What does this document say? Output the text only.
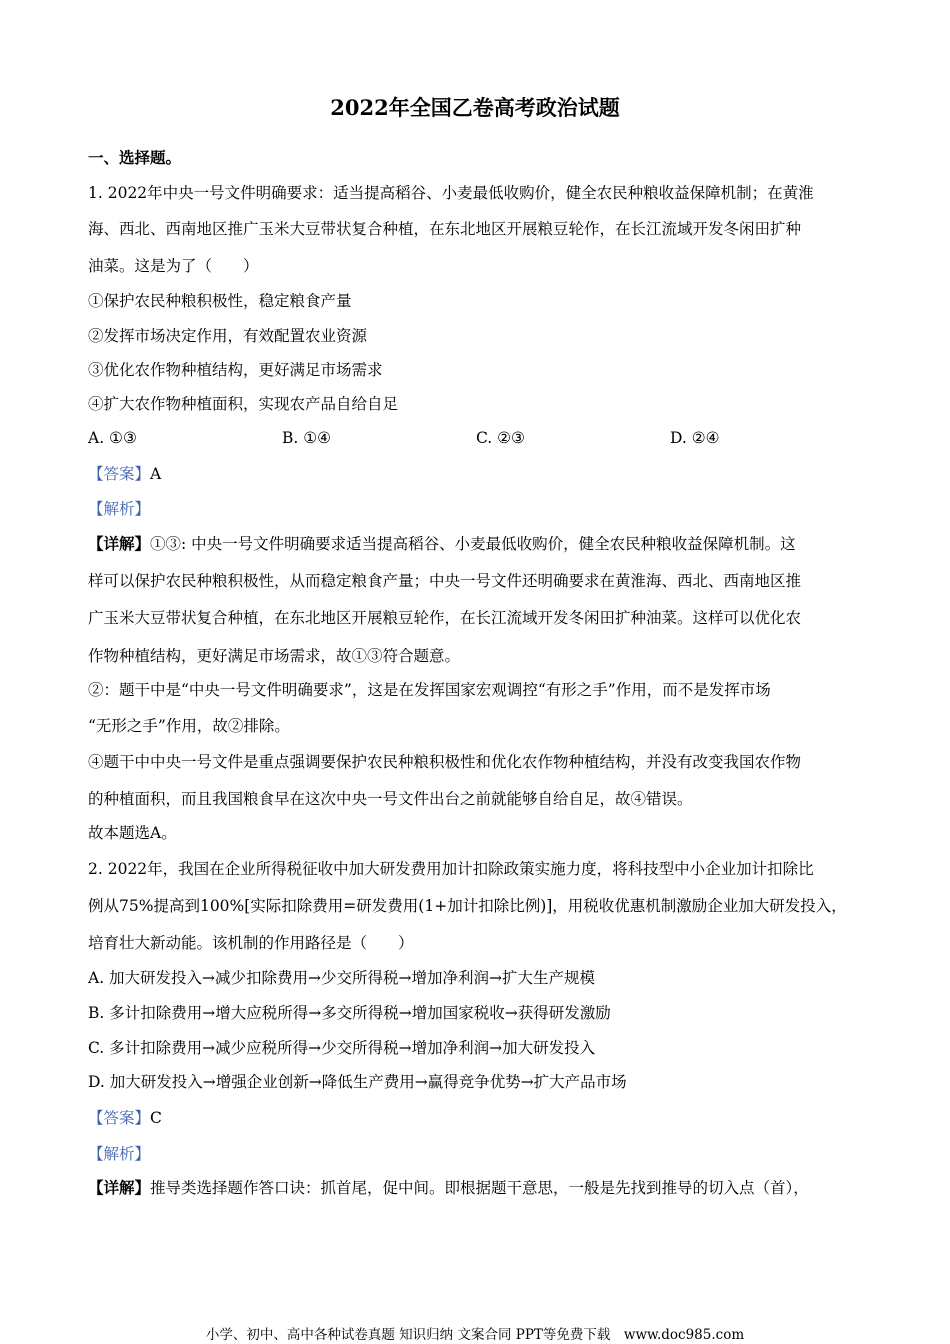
2022年全国乙卷高考政治试题
一、选择题。
1. 2022年中央一号文件明确要求：适当提高稻谷、小麦最低收购价，健全农民种粮收益保障机制；在黄淮
海、西北、西南地区推广玉米大豆带状复合种植，在东北地区开展粮豆轮作，在长江流域开发冬闲田扩种
油菜。这是为了（　　）
①保护农民种粮积极性，稳定粮食产量
②发挥市场决定作用，有效配置农业资源
③优化农作物种植结构，更好满足市场需求
④扩大农作物种植面积，实现农产品自给自足
A. ①③	B. ①④	C. ②③	D. ②④
【答案】A
【解析】
【详解】①③: 中央一号文件明确要求适当提高稻谷、小麦最低收购价，健全农民种粮收益保障机制。这
样可以保护农民种粮积极性，从而稳定粮食产量；中央一号文件还明确要求在黄淮海、西北、西南地区推
广玉米大豆带状复合种植，在东北地区开展粮豆轮作，在长江流域开发冬闲田扩种油菜。这样可以优化农
作物种植结构，更好满足市场需求，故①③符合题意。
②：题干中是“中央一号文件明确要求”，这是在发挥国家宏观调控“有形之手”作用，而不是发挥市场
“无形之手”作用，故②排除。
④题干中中央一号文件是重点强调要保护农民种粮积极性和优化农作物种植结构，并没有改变我国农作物
的种植面积，而且我国粮食早在这次中央一号文件出台之前就能够自给自足，故④错误。
故本题选A。
2. 2022年，我国在企业所得税征收中加大研发费用加计扣除政策实施力度，将科技型中小企业加计扣除比
例从75%提高到100%[实际扣除费用=研发费用(1+加计扣除比例)]，用税收优惠机制激励企业加大研发投入，
培育壮大新动能。该机制的作用路径是（　　）
A. 加大研发投入→减少扣除费用→少交所得税→增加净利润→扩大生产规模
B. 多计扣除费用→增大应税所得→多交所得税→增加国家税收→获得研发激励
C. 多计扣除费用→减少应税所得→少交所得税→增加净利润→加大研发投入
D. 加大研发投入→增强企业创新→降低生产费用→赢得竞争优势→扩大产品市场
【答案】C
【解析】
【详解】推导类选择题作答口诀：抓首尾，促中间。即根据题干意思，一般是先找到推导的切入点（首），
小学、初中、高中各种试卷真题 知识归纳 文案合同 PPT等免费下载　www.doc985.com
